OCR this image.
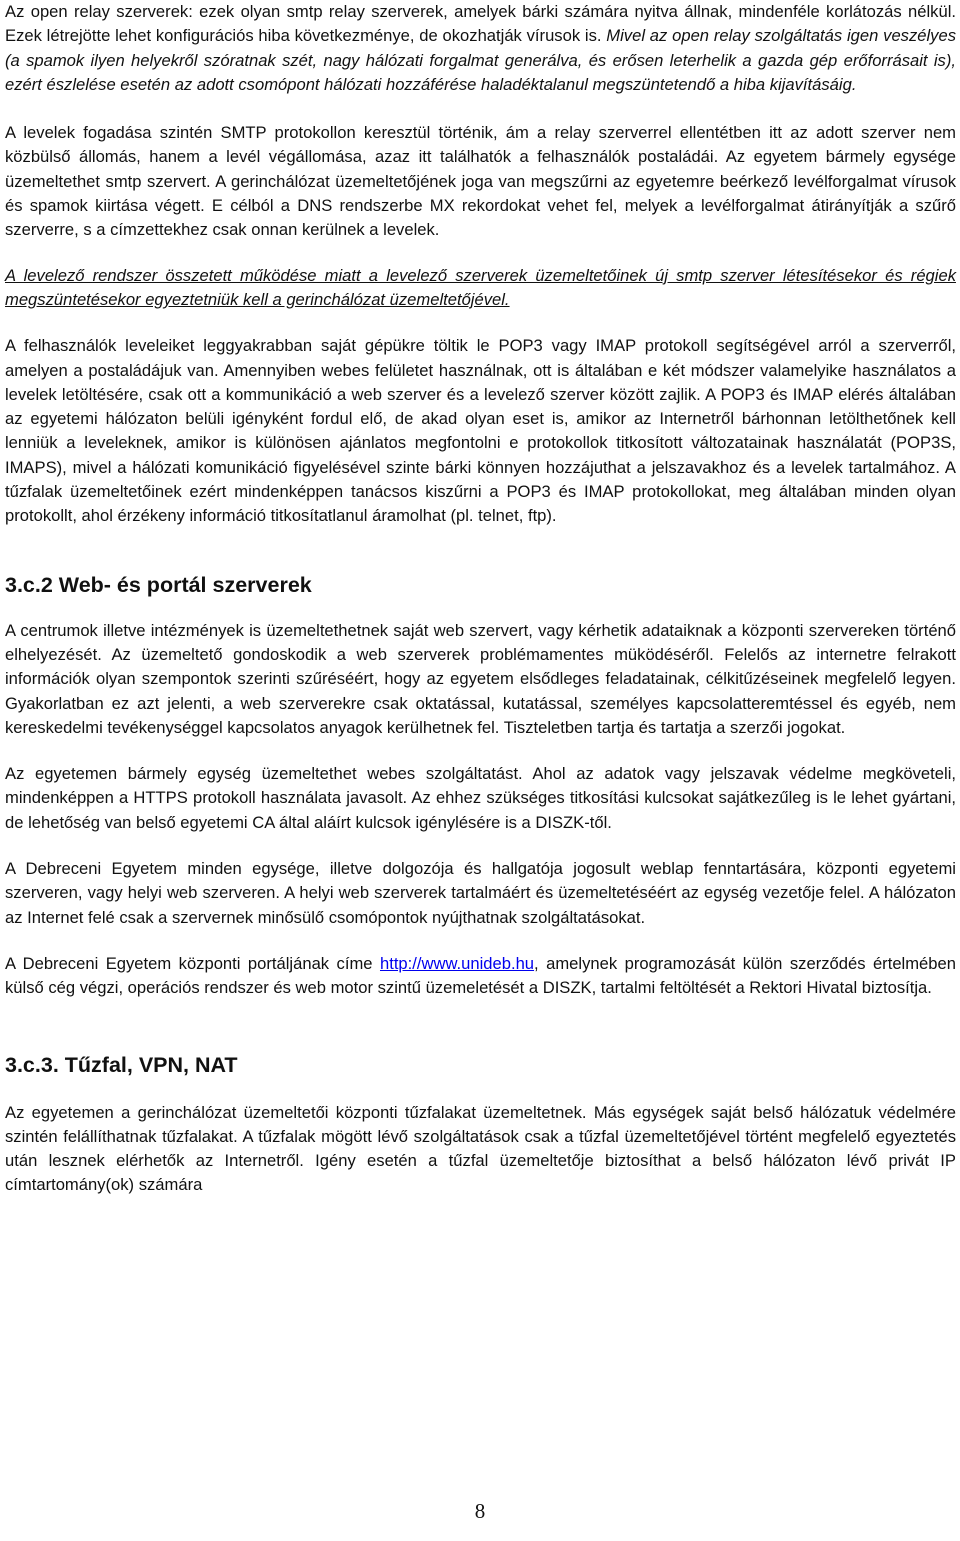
Az open relay szerverek: ezek olyan smtp relay szerverek, amelyek bárki számára nyitva állnak, mindenféle korlátozás nélkül. Ezek létrejötte lehet konfigurációs hiba következménye, de okozhatják vírusok is. Mivel az open relay szolgáltatás igen veszélyes (a spamok ilyen helyekről szóratnak szét, nagy hálózati forgalmat generálva, és erősen leterhelik a gazda gép erőforrásait is), ezért észlelése esetén az adott csomópont hálózati hozzáférése haladéktalanul megszüntetendő a hiba kijavításáig.

A levelek fogadása szintén SMTP protokollon keresztül történik, ám a relay szerverrel ellentétben itt az adott szerver nem közbülső állomás, hanem a levél végállomása, azaz itt találhatók a felhasználók postaládái. Az egyetem bármely egysége üzemeltethet smtp szervert. A gerinchálózat üzemeltetőjének joga van megszűrni az egyetemre beérkező levélforgalmat vírusok és spamok kiirtása végett. E célból a DNS rendszerbe MX rekordokat vehet fel, melyek a levélforgalmat átirányítják a szűrő szerverre, s a címzettekhez csak onnan kerülnek a levelek.

A levelező rendszer összetett működése miatt a levelező szerverek üzemeltetőinek új smtp szerver létesítésekor és régiek megszüntetésekor egyeztetniük kell a gerinchálózat üzemeltetőjével.

A felhasználók leveleiket leggyakrabban saját gépükre töltik le POP3 vagy IMAP protokoll segítségével arról a szerverről, amelyen a postaládájuk van. Amennyiben webes felületet használnak, ott is általában e két módszer valamelyike használatos a levelek letöltésére, csak ott a kommunikáció a web szerver és a levelező szerver között zajlik. A POP3 és IMAP elérés általában az egyetemi hálózaton belüli igényként fordul elő, de akad olyan eset is, amikor az Internetről bárhonnan letölthetőnek kell lenniük a leveleknek, amikor is különösen ajánlatos megfontolni e protokollok titkosított változatainak használatát (POP3S, IMAPS), mivel a hálózati komunikáció figyelésével szinte bárki könnyen hozzájuthat a jelszavakhoz és a levelek tartalmához. A tűzfalak üzemeltetőinek ezért mindenképpen tanácsos kiszűrni a POP3 és IMAP protokollokat, meg általában minden olyan protokollt, ahol érzékeny információ titkosítatlanul áramolhat (pl. telnet, ftp).

3.c.2 Web- és portál szerverek

A centrumok illetve intézmények is üzemeltethetnek saját web szervert, vagy kérhetik adataiknak a központi szervereken történő elhelyezését. Az üzemeltető gondoskodik a web szerverek problémamentes müködéséről. Felelős az internetre felrakott információk olyan szempontok szerinti szűréséért, hogy az egyetem elsődleges feladatainak, célkitűzéseinek megfelelő legyen. Gyakorlatban ez azt jelenti, a web szerverekre csak oktatással, kutatással, személyes kapcsolatteremtéssel és egyéb, nem kereskedelmi tevékenységgel kapcsolatos anyagok kerülhetnek fel. Tiszteletben tartja és tartatja a szerzői jogokat.

Az egyetemen bármely egység üzemeltethet webes szolgáltatást. Ahol az adatok vagy jelszavak védelme megköveteli, mindenképpen a HTTPS protokoll használata javasolt. Az ehhez szükséges titkosítási kulcsokat sajátkezűleg is le lehet gyártani, de lehetőség van belső egyetemi CA által aláírt kulcsok igénylésére is a DISZK-től.

A Debreceni Egyetem minden egysége, illetve dolgozója és hallgatója jogosult weblap fenntartására, központi egyetemi szerveren, vagy helyi web szerveren. A helyi web szerverek tartalmáért és üzemeltetéséért az egység vezetője felel. A hálózaton az Internet felé csak a szervernek minősülő csomópontok nyújthatnak szolgáltatásokat.

A Debreceni Egyetem központi portáljának címe http://www.unideb.hu, amelynek programozását külön szerződés értelmében külső cég végzi, operációs rendszer és web motor szintű üzemeletését a DISZK, tartalmi feltöltését a Rektori Hivatal biztosítja.

3.c.3. Tűzfal, VPN, NAT

Az egyetemen a gerinchálózat üzemeltetői központi tűzfalakat üzemeltetnek. Más egységek saját belső hálózatuk védelmére szintén felállíthatnak tűzfalakat. A tűzfalak mögött lévő szolgáltatások csak a tűzfal üzemeltetőjével történt megfelelő egyeztetés után lesznek elérhetők az Internetről. Igény esetén a tűzfal üzemeltetője biztosíthat a belső hálózaton lévő privát IP címtartomány(ok) számára

8
